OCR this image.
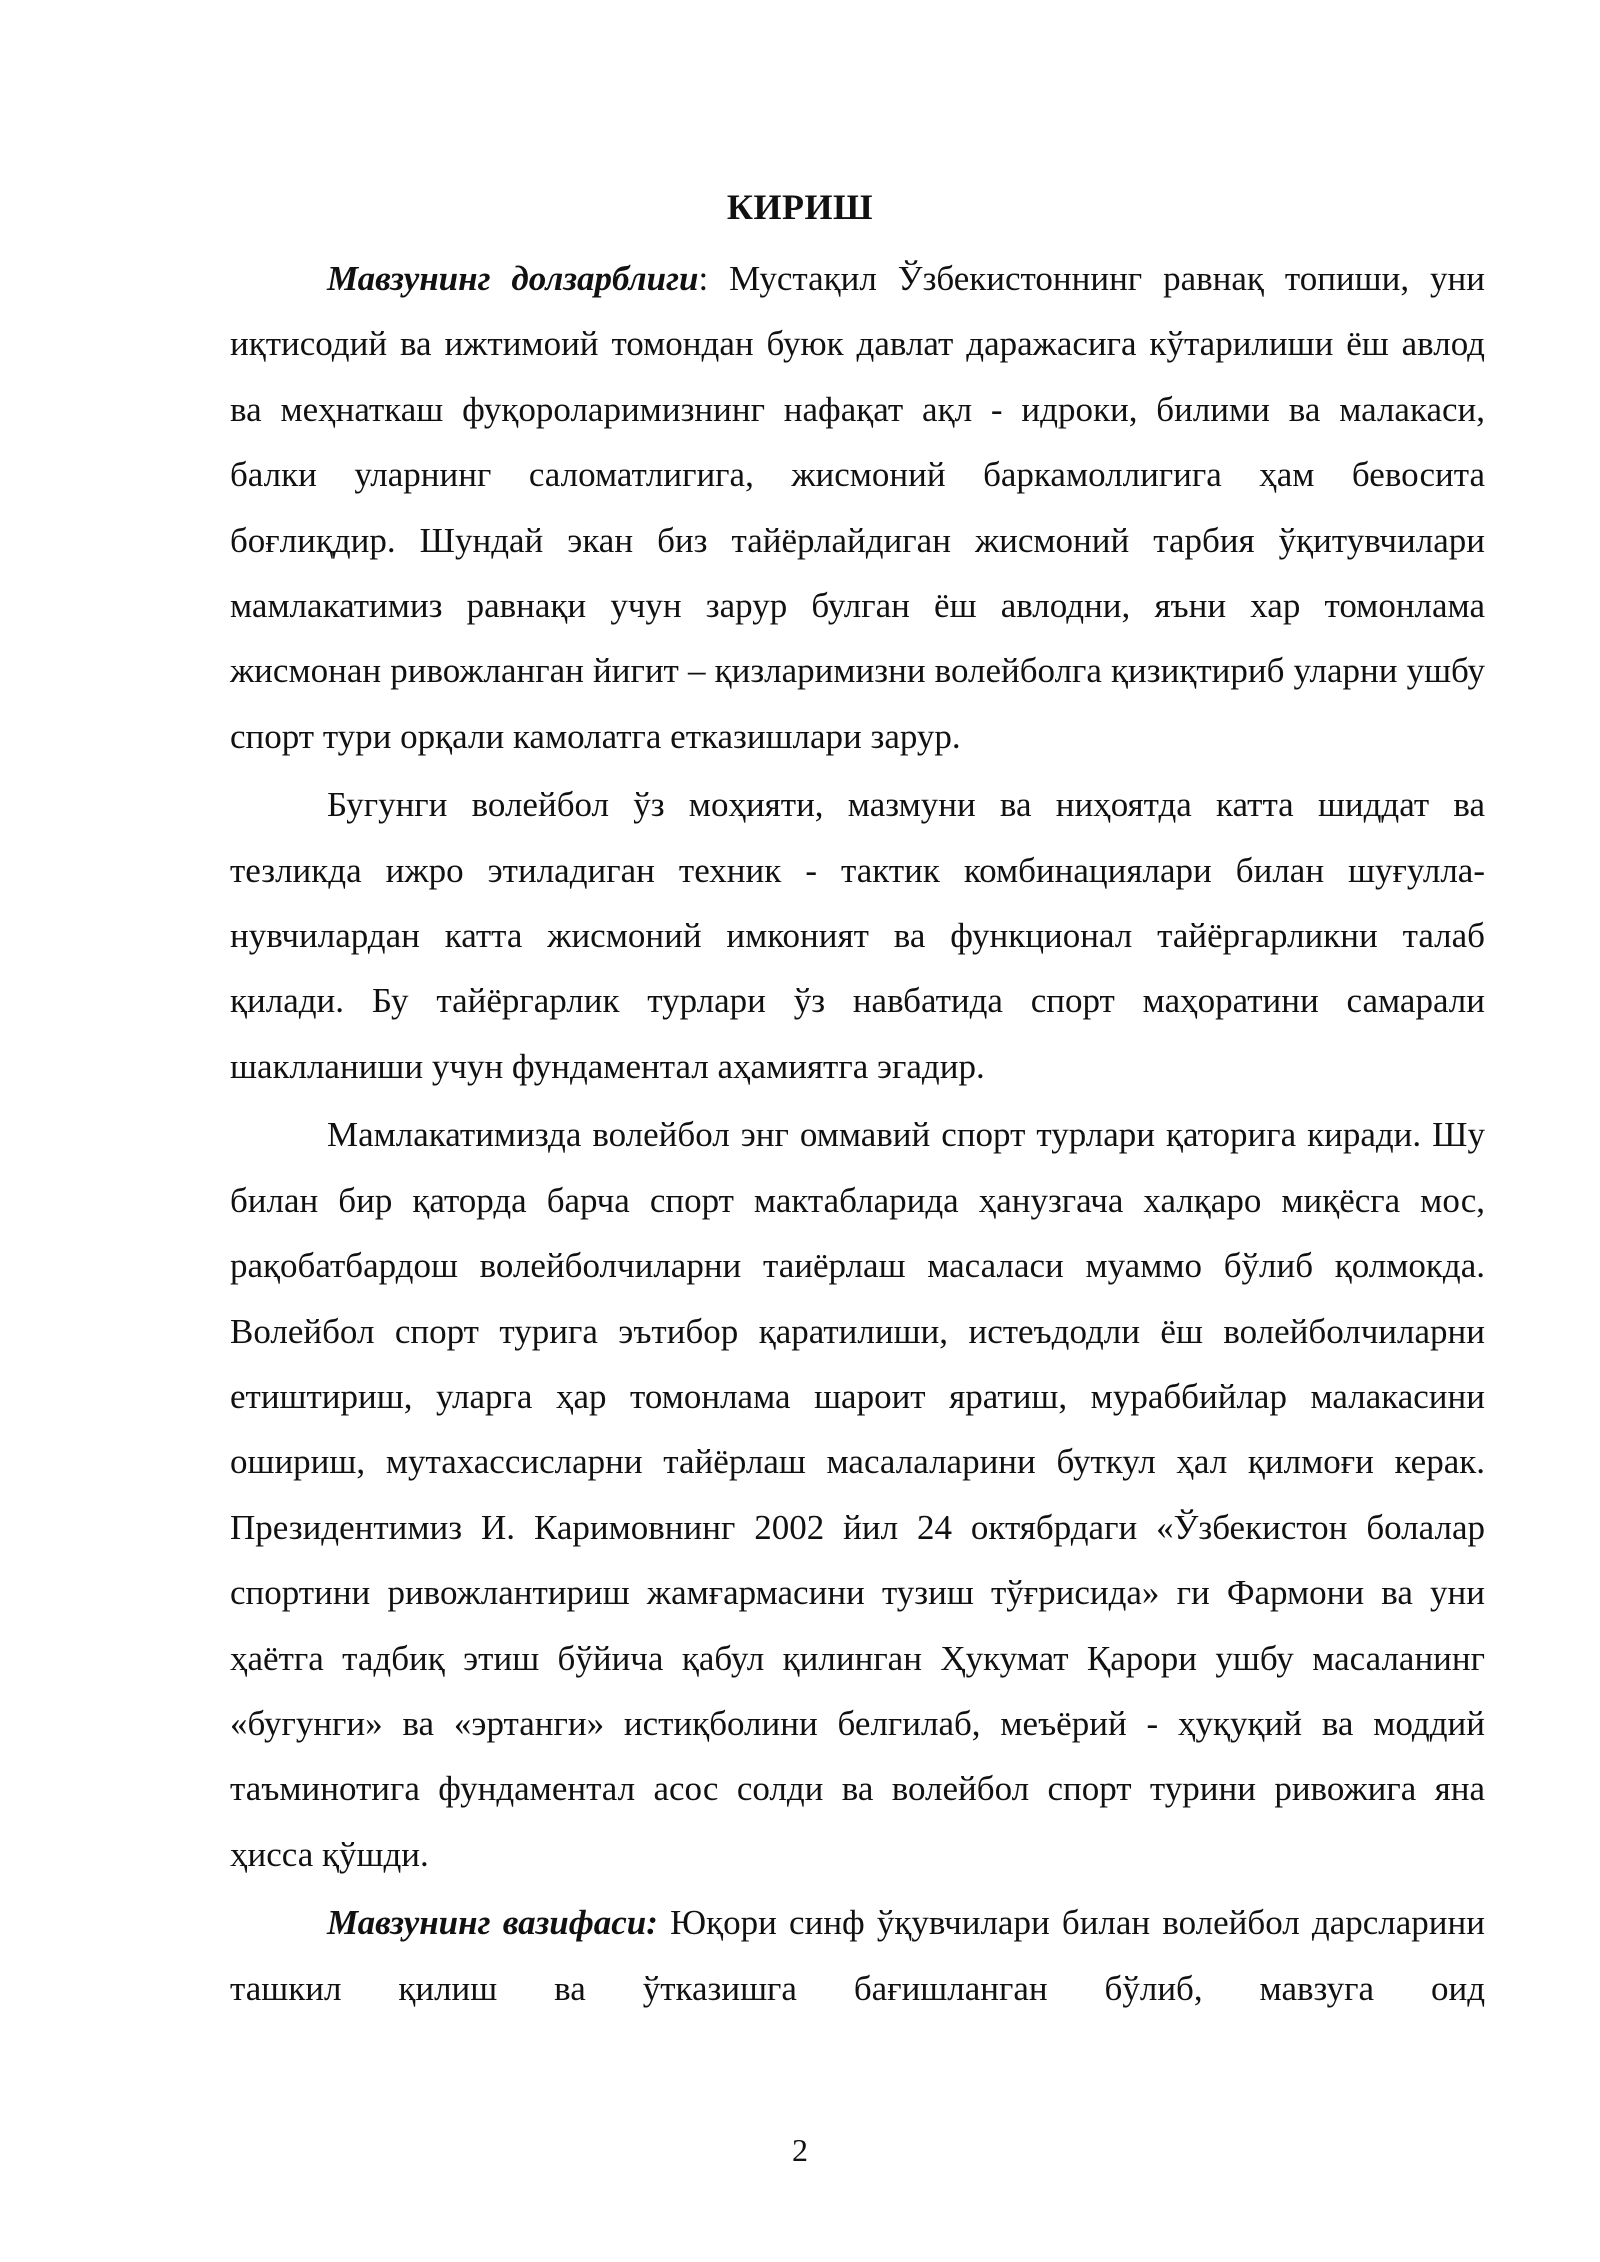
КИРИШ

Мавзунинг долзарблиги: Мустақил Ўзбекистоннинг равнақ топиши, уни иқтисодий ва ижтимоий томондан буюк давлат даражасига кўтарилиши ёш авлод ва меҳнаткаш фуқороларимизнинг нафақат ақл - идроки, билими ва малакаси, балки уларнинг саломатлигига, жисмоний баркамоллигига ҳам бевосита боғлиқдир. Шундай экан биз тайёрлайдиган жисмоний тарбия ўқитувчилари мамлакатимиз равнақи учун зарур булган ёш авлодни, яъни хар томонлама жисмонан ривожланган йигит – қизларимизни волейболга қизиқтириб уларни ушбу спорт тури орқали камолатга етказишлари зарур.

Бугунги волейбол ўз моҳияти, мазмуни ва ниҳоятда катта шиддат ва тезликда ижро этиладиган техник - тактик комбинациялари билан шуғулла-нувчилардан катта жисмоний имконият ва функционал тайёргарликни талаб қилади. Бу тайёргарлик турлари ўз навбатида спорт маҳоратини самарали шаклланиши учун фундаментал аҳамиятга эгадир.

Мамлакатимизда волейбол энг оммавий спорт турлари қаторига киради. Шу билан бир қаторда барча спорт мактабларида ҳанузгача халқаро миқёсга мос, рақобатбардош волейболчиларни таиёрлаш масаласи муаммо бўлиб қолмокда. Волейбол спорт турига эътибор қаратилиши, истеъдодли ёш волейболчиларни етиштириш, уларга ҳар томонлама шароит яратиш, мураббийлар малакасини ошириш, мутахассисларни тайёрлаш масалаларини буткул ҳал қилмоғи керак. Президентимиз И. Каримовнинг 2002 йил 24 октябрдаги «Ўзбекистон болалар спортини ривожлантириш жамғармасини тузиш тўғрисида» ги Фармони ва уни ҳаётга тадбиқ этиш бўйича қабул қилинган Ҳукумат Қарори ушбу масаланинг «бугунги» ва «эртанги» истиқболини белгилаб, меъёрий - ҳуқуқий ва моддий таъминотига фундаментал асос солди ва волейбол спорт турини ривожига яна ҳисса қўшди.

Мавзунинг вазифаси: Юқори синф ўқувчилари билан волейбол дарсларини ташкил қилиш ва ўтказишга бағишланган бўлиб, мавзуга оид

2
